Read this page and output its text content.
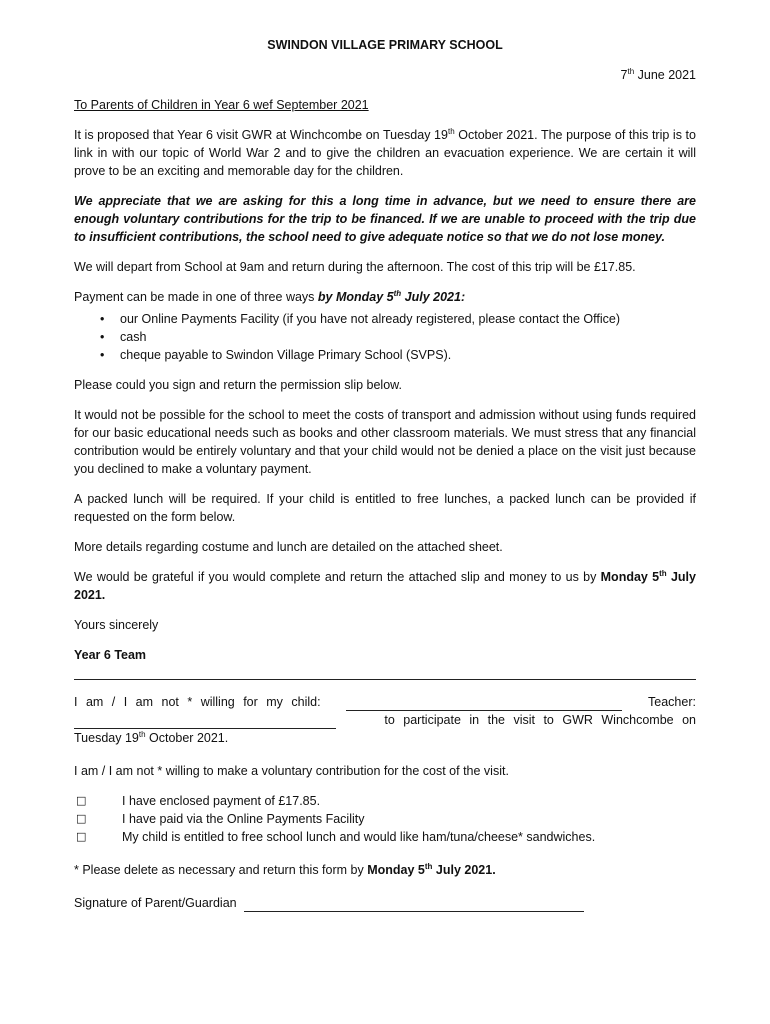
SWINDON VILLAGE PRIMARY SCHOOL
7th June 2021
To Parents of Children in Year 6 wef September 2021

It is proposed that Year 6 visit GWR at Winchcombe on Tuesday 19th October 2021. The purpose of this trip is to link in with our topic of World War 2 and to give the children an evacuation experience. We are certain it will prove to be an exciting and memorable day for the children.

We appreciate that we are asking for this a long time in advance, but we need to ensure there are enough voluntary contributions for the trip to be financed. If we are unable to proceed with the trip due to insufficient contributions, the school need to give adequate notice so that we do not lose money.

We will depart from School at 9am and return during the afternoon. The cost of this trip will be £17.85.

Payment can be made in one of three ways by Monday 5th July 2021:

• our Online Payments Facility (if you have not already registered, please contact the Office)
• cash
• cheque payable to Swindon Village Primary School (SVPS).

Please could you sign and return the permission slip below.

It would not be possible for the school to meet the costs of transport and admission without using funds required for our basic educational needs such as books and other classroom materials. We must stress that any financial contribution would be entirely voluntary and that your child would not be denied a place on the visit just because you declined to make a voluntary payment.

A packed lunch will be required. If your child is entitled to free lunches, a packed lunch can be provided if requested on the form below.

More details regarding costume and lunch are detailed on the attached sheet.

We would be grateful if you would complete and return the attached slip and money to us by Monday 5th July 2021.

Yours sincerely

Year 6 Team

I am / I am not * willing for my child:	Teacher:
to participate in the visit to GWR Winchcombe on
Tuesday 19th October 2021.

I am / I am not * willing to make a voluntary contribution for the cost of the visit.

□	I have enclosed payment of £17.85.
□	I have paid via the Online Payments Facility
□	My child is entitled to free school lunch and would like ham/tuna/cheese* sandwiches.

* Please delete as necessary and return this form by Monday 5th July 2021.

Signature of Parent/Guardian
